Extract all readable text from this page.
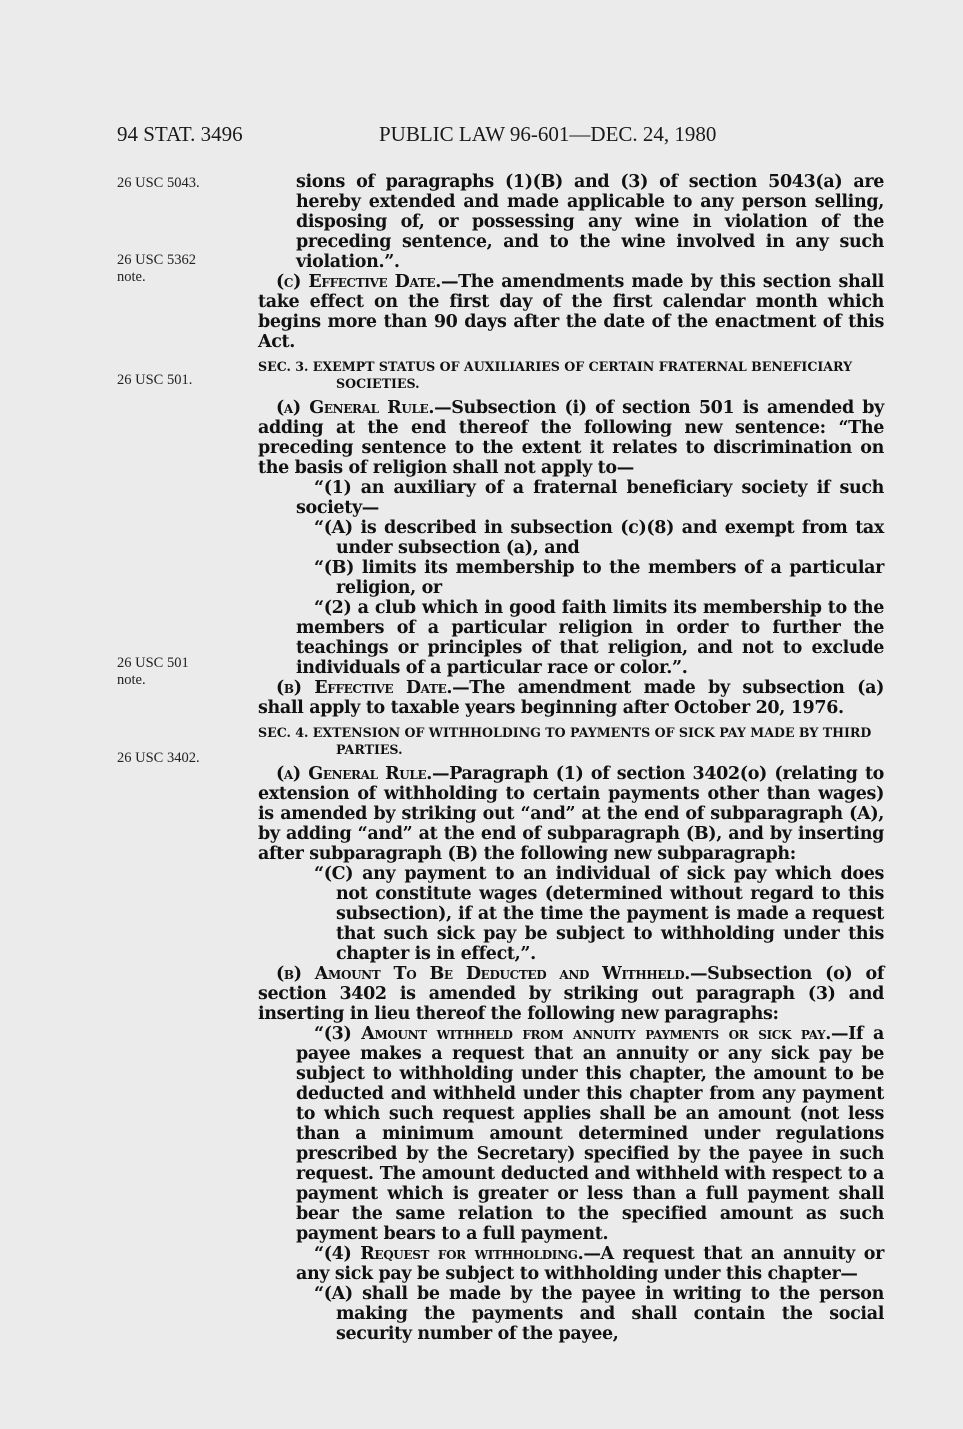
94 STAT. 3496	PUBLIC LAW 96-601—DEC. 24, 1980
26 USC 5043.
26 USC 5362 note.
26 USC 501.
26 USC 501 note.
26 USC 3402.

sions of paragraphs (1)(B) and (3) of section 5043(a) are hereby extended and made applicable to any person selling, disposing of, or possessing any wine in violation of the preceding sentence, and to the wine involved in any such violation.”.

(c) Effective Date.—The amendments made by this section shall take effect on the first day of the first calendar month which begins more than 90 days after the date of the enactment of this Act.

SEC. 3. EXEMPT STATUS OF AUXILIARIES OF CERTAIN FRATERNAL BENEFICIARY SOCIETIES.

(a) General Rule.—Subsection (i) of section 501 is amended by adding at the end thereof the following new sentence: “The preceding sentence to the extent it relates to discrimination on the basis of religion shall not apply to—

“(1) an auxiliary of a fraternal beneficiary society if such society—

“(A) is described in subsection (c)(8) and exempt from tax under subsection (a), and

“(B) limits its membership to the members of a particular religion, or

“(2) a club which in good faith limits its membership to the members of a particular religion in order to further the teachings or principles of that religion, and not to exclude individuals of a particular race or color.”.

(b) Effective Date.—The amendment made by subsection (a) shall apply to taxable years beginning after October 20, 1976.

SEC. 4. EXTENSION OF WITHHOLDING TO PAYMENTS OF SICK PAY MADE BY THIRD PARTIES.

(a) General Rule.—Paragraph (1) of section 3402(o) (relating to extension of withholding to certain payments other than wages) is amended by striking out “and” at the end of subparagraph (A), by adding “and” at the end of subparagraph (B), and by inserting after subparagraph (B) the following new subparagraph:

“(C) any payment to an individual of sick pay which does not constitute wages (determined without regard to this subsection), if at the time the payment is made a request that such sick pay be subject to withholding under this chapter is in effect,”.

(b) Amount To Be Deducted and Withheld.—Subsection (o) of section 3402 is amended by striking out paragraph (3) and inserting in lieu thereof the following new paragraphs:

“(3) Amount withheld from annuity payments or sick pay.—If a payee makes a request that an annuity or any sick pay be subject to withholding under this chapter, the amount to be deducted and withheld under this chapter from any payment to which such request applies shall be an amount (not less than a minimum amount determined under regulations prescribed by the Secretary) specified by the payee in such request. The amount deducted and withheld with respect to a payment which is greater or less than a full payment shall bear the same relation to the specified amount as such payment bears to a full payment.

“(4) Request for withholding.—A request that an annuity or any sick pay be subject to withholding under this chapter—

“(A) shall be made by the payee in writing to the person making the payments and shall contain the social security number of the payee,
